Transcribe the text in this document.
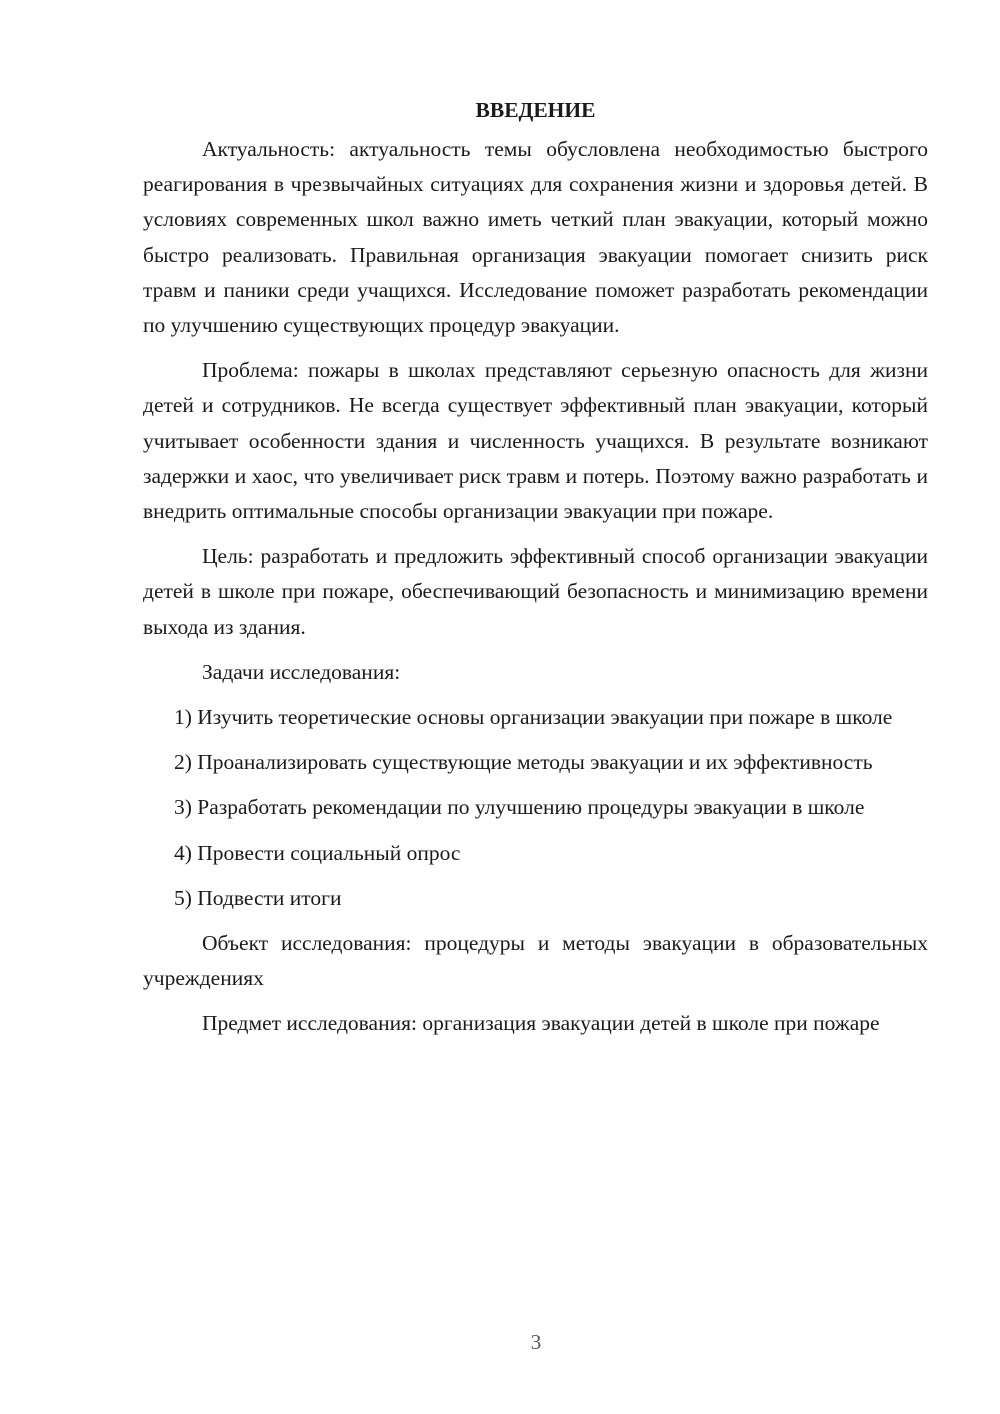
ВВЕДЕНИЕ

Актуальность: актуальность темы обусловлена необходимостью быстрого реагирования в чрезвычайных ситуациях для сохранения жизни и здоровья детей. В условиях современных школ важно иметь четкий план эвакуации, который можно быстро реализовать. Правильная организация эвакуации помогает снизить риск травм и паники среди учащихся. Исследование поможет разработать рекомендации по улучшению существующих процедур эвакуации.

Проблема: пожары в школах представляют серьезную опасность для жизни детей и сотрудников. Не всегда существует эффективный план эвакуации, который учитывает особенности здания и численность учащихся. В результате возникают задержки и хаос, что увеличивает риск травм и потерь. Поэтому важно разработать и внедрить оптимальные способы организации эвакуации при пожаре.

Цель: разработать и предложить эффективный способ организации эвакуации детей в школе при пожаре, обеспечивающий безопасность и минимизацию времени выхода из здания.

Задачи исследования:

1) Изучить теоретические основы организации эвакуации при пожаре в школе

2) Проанализировать существующие методы эвакуации и их эффективность

3) Разработать рекомендации по улучшению процедуры эвакуации в школе

4) Провести социальный опрос

5) Подвести итоги

Объект исследования: процедуры и методы эвакуации в образовательных учреждениях

Предмет исследования: организация эвакуации детей в школе при пожаре

3
